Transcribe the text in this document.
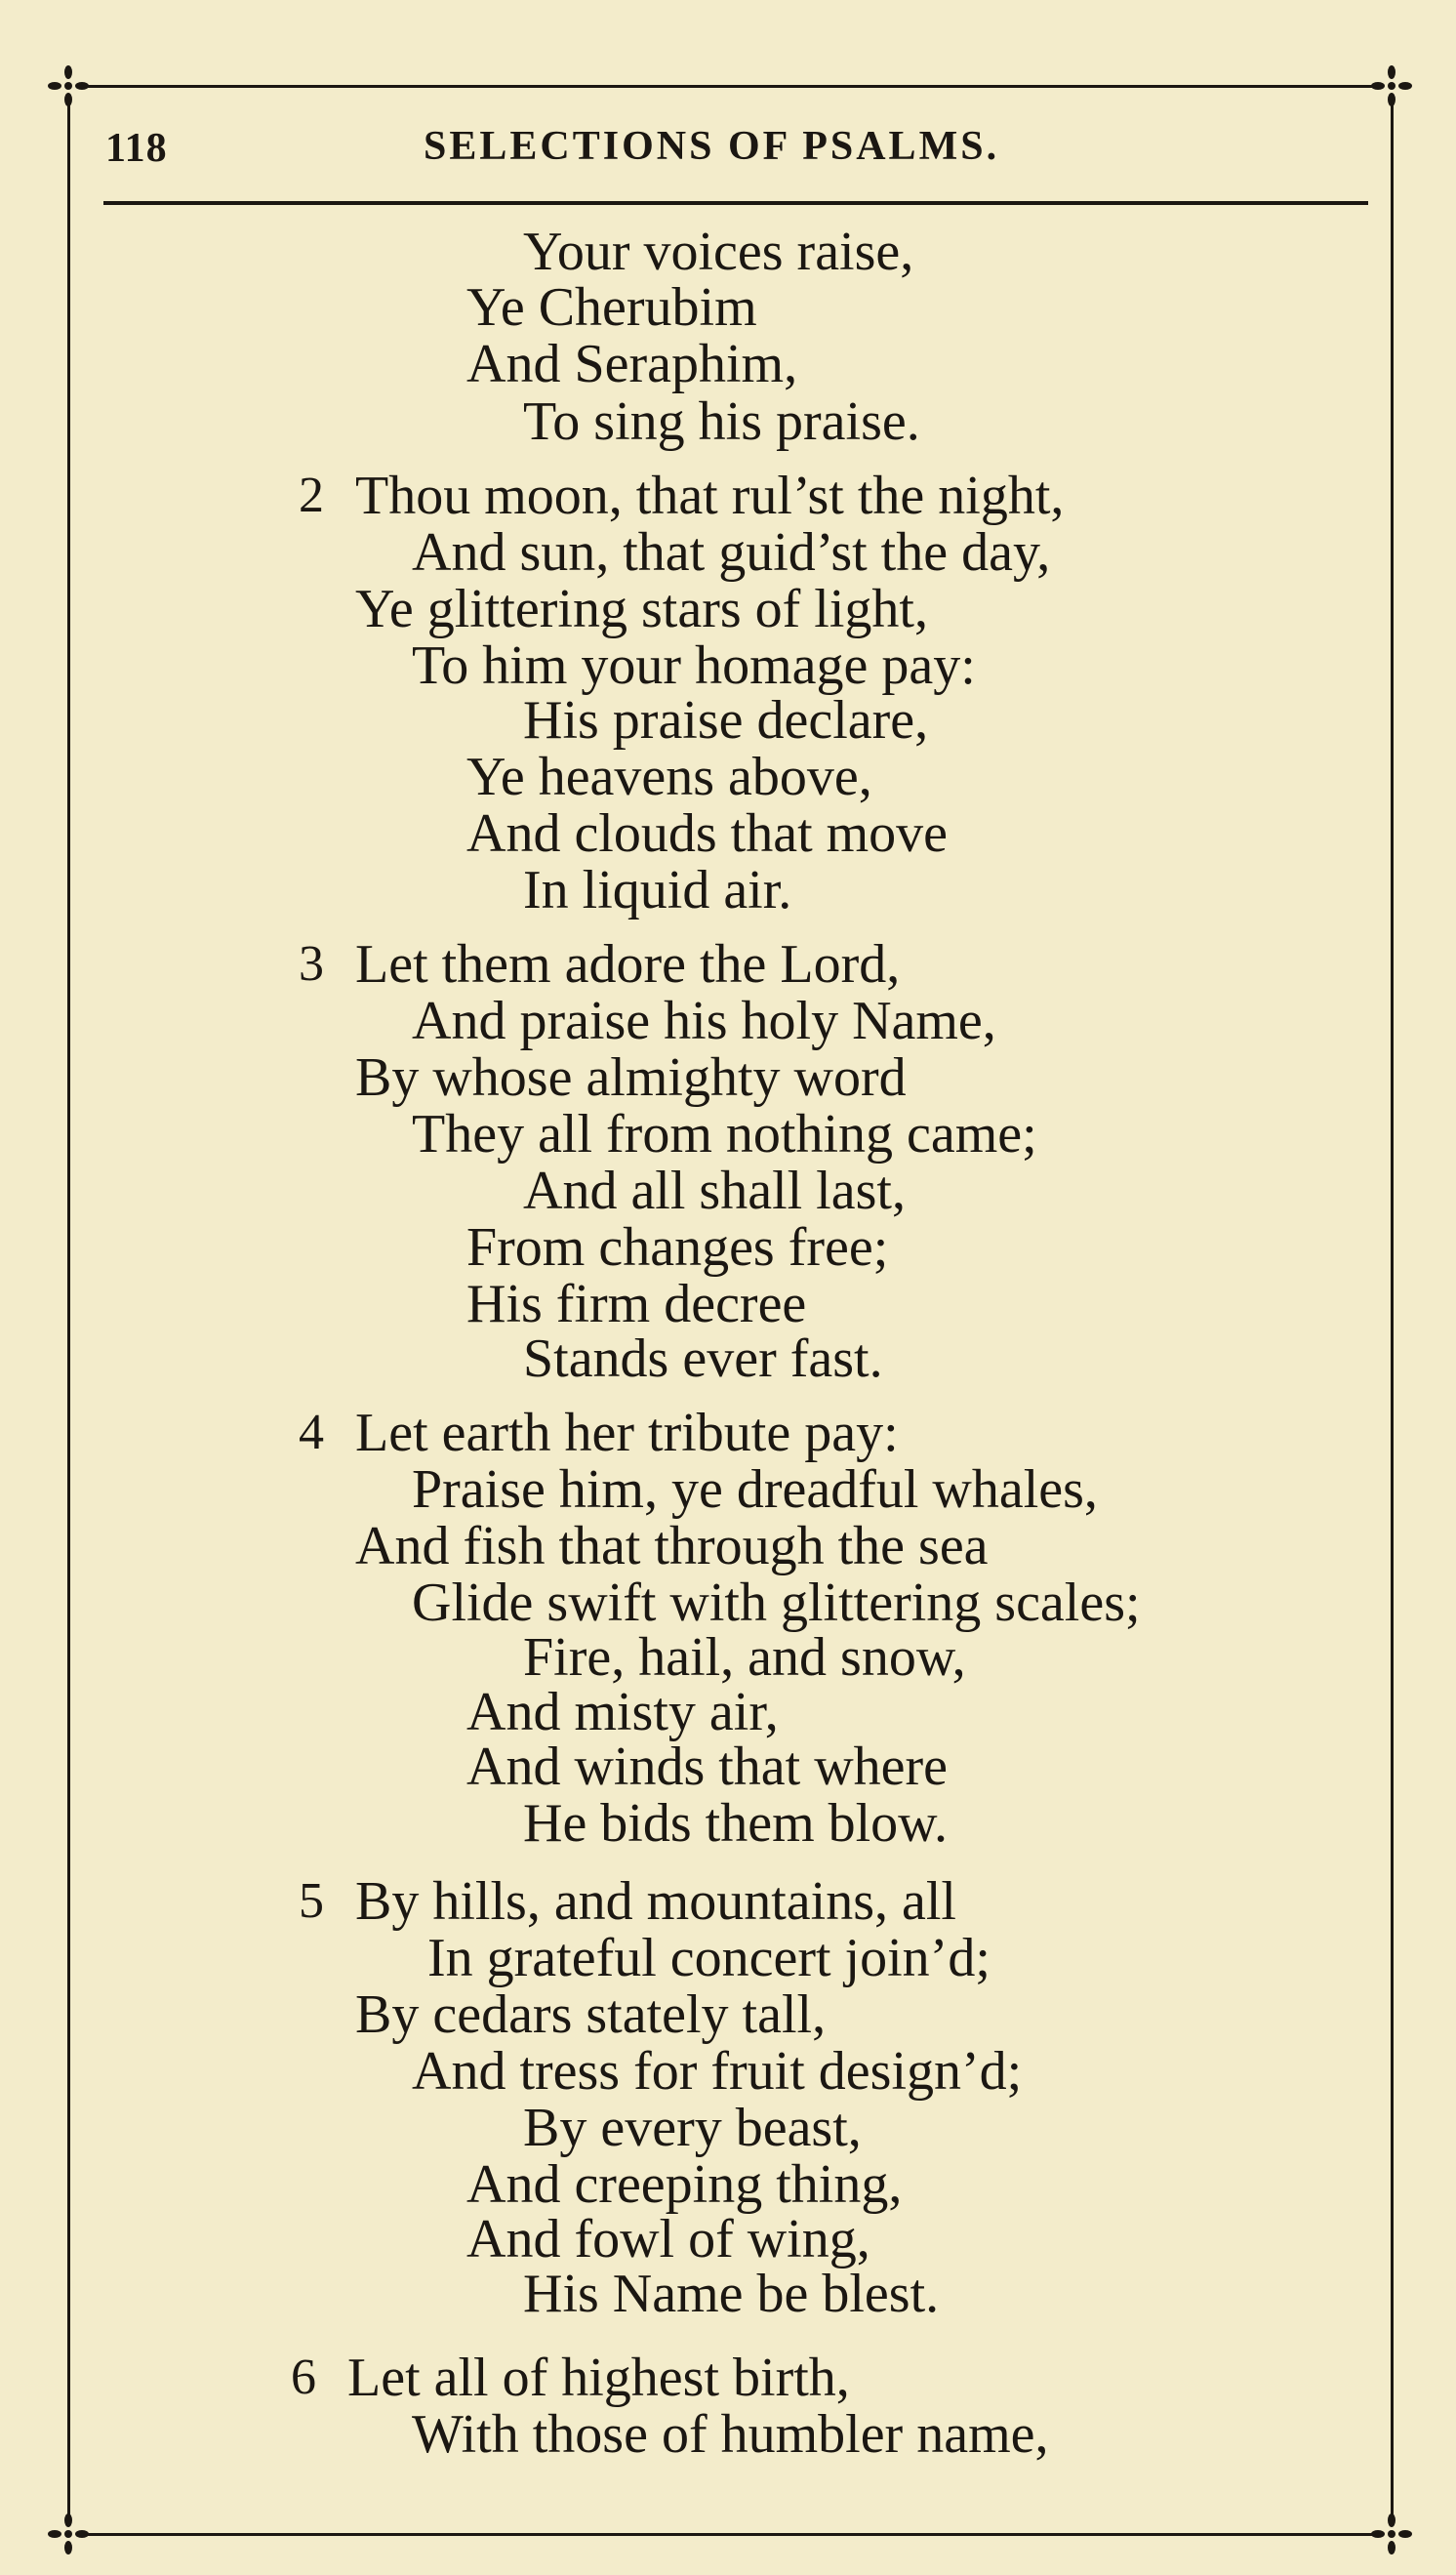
118	SELECTIONS OF PSALMS.
Your voices raise,
Ye Cherubim
And Seraphim,
To sing his praise.
2 Thou moon, that rul’st the night,
And sun, that guid’st the day,
Ye glittering stars of light,
To him your homage pay:
His praise declare,
Ye heavens above,
And clouds that move
In liquid air.
3 Let them adore the Lord,
And praise his holy Name,
By whose almighty word
They all from nothing came;
And all shall last,
From changes free;
His firm decree
Stands ever fast.
4 Let earth her tribute pay:
Praise him, ye dreadful whales,
And fish that through the sea
Glide swift with glittering scales;
Fire, hail, and snow,
And misty air,
And winds that where
He bids them blow.
5 By hills, and mountains, all
In grateful concert join’d;
By cedars stately tall,
And tress for fruit design’d;
By every beast,
And creeping thing,
And fowl of wing,
His Name be blest.
6 Let all of highest birth,
With those of humbler name,
